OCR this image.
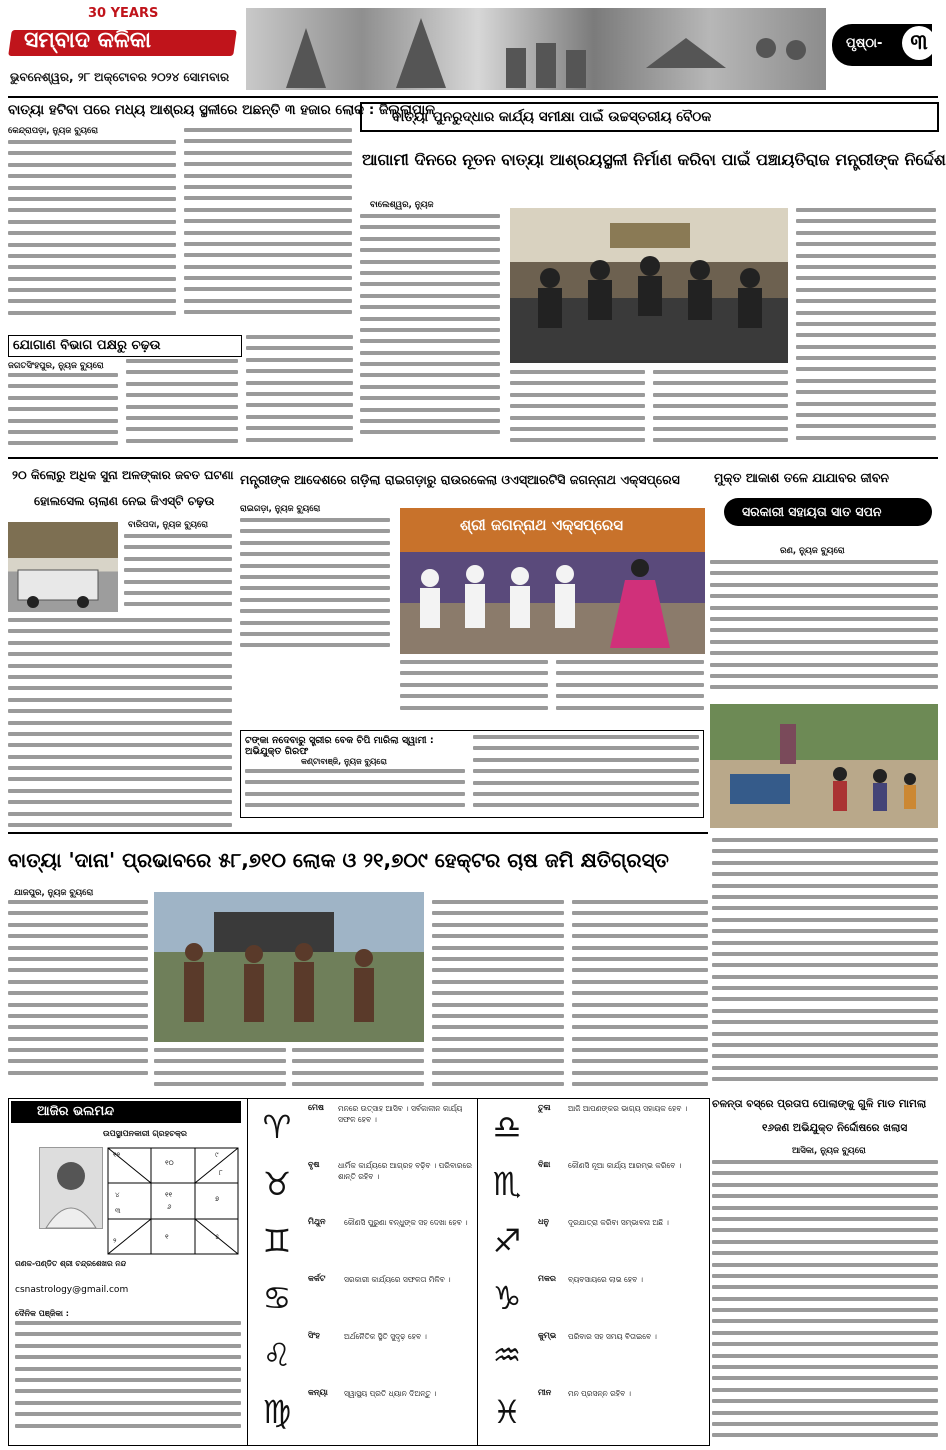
30 YEARS
ସମ୍ବାଦ କଳିକା
ଭୁବନେଶ୍ୱର, ୨୮ ଅକ୍ଟୋବର ୨୦୨୪ ସୋମବାର
ପୃଷ୍ଠା-	୩
ବାତ୍ୟା ହଟିବା ପରେ ମଧ୍ୟ ଆଶ୍ରୟ ସ୍ଥଳୀରେ ଅଛନ୍ତି ୩ ହଜାର ଲୋକ : ଜିଲ୍ଲାପାଳ
କେନ୍ଦ୍ରାପଡ଼ା, ନ୍ୟୁଜ ବ୍ୟୁରୋ
ଯୋଗାଣ ବିଭାଗ ପକ୍ଷରୁ ଚଢ଼ଉ
ଜଗତସିଂହପୁର, ନ୍ୟୁଜ ବ୍ୟୁରୋ
ବାତ୍ୟା ପୁନରୁଦ୍ଧାର କାର୍ଯ୍ୟ ସମୀକ୍ଷା ପାଇଁ ଉଚ୍ଚସ୍ତରୀୟ ବୈଠକ
ଆଗାମୀ ଦିନରେ ନୂତନ ବାତ୍ୟା ଆଶ୍ରୟସ୍ଥଳୀ ନିର୍ମାଣ କରିବା ପାଇଁ ପଞ୍ଚାୟତିରାଜ ମନ୍ତ୍ରୀଙ୍କ ନିର୍ଦ୍ଦେଶ
ବାଲେଶ୍ୱର, ନ୍ୟୁଜ
୨୦ କିଲୋରୁ ଅଧିକ ସୁନା ଅଳଙ୍କାର ଜବତ ଘଟଣା
ହୋଲସେଲ ଚାଲାଣ ନେଇ ଜିଏସ୍‌ଟି ଚଢ଼ଉ
ବାରିପଦା, ନ୍ୟୁଜ ବ୍ୟୁରୋ
ମନ୍ତ୍ରୀଙ୍କ ଆଦେଶରେ ଗଡ଼ିଲା ରାଇଗଡ଼ାରୁ ରାଉରକେଲା ଓଏସ୍‌ଆରଟିସି ଜଗନ୍ନାଥ ଏକ୍ସପ୍ରେସ
ରାଇଗଡ଼ା, ନ୍ୟୁଜ ବ୍ୟୁରୋ
ଶ୍ରୀ ଜଗନ୍ନାଥ ଏକ୍ସପ୍ରେସ
ଟଙ୍କା ନଦେବାରୁ ସ୍ତ୍ରୀର ବେକ ଚିପି ମାରିଲା ସ୍ୱାମୀ : ଅଭିଯୁକ୍ତ ଗିରଫ
କଣ୍ଟାବାଞ୍ଜି, ନ୍ୟୁଜ ବ୍ୟୁରୋ
ମୁକ୍ତ ଆକାଶ ତଳେ ଯାଯାବର ଜୀବନ
ସରକାରୀ ସହାୟତା ସାତ ସପନ
ରଣ, ନ୍ୟୁଜ ବ୍ୟୁରୋ
ବାତ୍ୟା 'ଦାନା' ପ୍ରଭାବରେ ୫୮,୭୧୦ ଲୋକ ଓ ୨୧,୭୦୯ ହେକ୍ଟର ଚାଷ ଜମି କ୍ଷତିଗ୍ରସ୍ତ
ଯାଜପୁର, ନ୍ୟୁଜ ବ୍ୟୁରୋ
ଆଜିର ଭଲମନ୍ଦ
ଉପସ୍ଥାପନକାରୀ ଗ୍ରହଚକ୍ର
୧୨
୧୦
୯
୮
୭
୧୧
୬
୫
୧
୨
୩
୪
ଗଣକ-ପଣ୍ଡିତ ଶ୍ରୀ ଚନ୍ଦ୍ରଶେଖର ନନ୍ଦ
csnastrology@gmail.com
ଦୈନିକ ପଞ୍ଜିକା :
♈
ମେଷ ମନରେ ଉତ୍ସାହ ଆସିବ । ସର୍ବକାଳୀନ କାର୍ଯ୍ୟ ସଫଳ ହେବ ।
♉
ବୃଷ ଧାର୍ମିକ କାର୍ଯ୍ୟରେ ଆଗ୍ରହ ବଢ଼ିବ । ପରିବାରରେ ଶାନ୍ତି ରହିବ ।
♊
ମିଥୁନ କୌଣସି ପୁରୁଣା ବନ୍ଧୁଙ୍କ ସହ ଦେଖା ହେବ ।
♋
କର୍କଟ ସରକାରୀ କାର୍ଯ୍ୟରେ ସଫଳତା ମିଳିବ ।
♌
ସିଂହ	ଅର୍ଥନୈତିକ ସ୍ଥିତି ସୁଦୃଢ଼ ହେବ ।
♍
କନ୍ୟା ସ୍ୱାସ୍ଥ୍ୟ ପ୍ରତି ଧ୍ୟାନ ଦିଅନ୍ତୁ ।
♎
ତୁଳା ଆଜି ଆପଣଙ୍କର ଭାଗ୍ୟ ସହାୟକ ହେବ ।
♏
ବିଛା କୌଣସି ନୂଆ କାର୍ଯ୍ୟ ଆରମ୍ଭ କରିବେ ।
♐
ଧନୁ	ଦୂରଯାତ୍ରା କରିବା ସମ୍ଭାବନା ଅଛି ।
♑
ମକର ବ୍ୟବସାୟରେ ଲାଭ ହେବ ।
♒
କୁମ୍ଭ ପରିବାର ସହ ସମୟ ବିତାଇବେ ।
♓
ମୀନ ମନ ପ୍ରସନ୍ନ ରହିବ ।
ଚଳନ୍ତା ବସ୍‌ରେ ପ୍ରତାପ ପୋଲାଙ୍କୁ ଗୁଳି ମାଡ ମାମଲା
୧୬ଜଣ ଅଭିଯୁକ୍ତ ନିର୍ଦ୍ଦୋଷରେ ଖଲାସ
ଆସିକା, ନ୍ୟୁଜ ବ୍ୟୁରୋ
